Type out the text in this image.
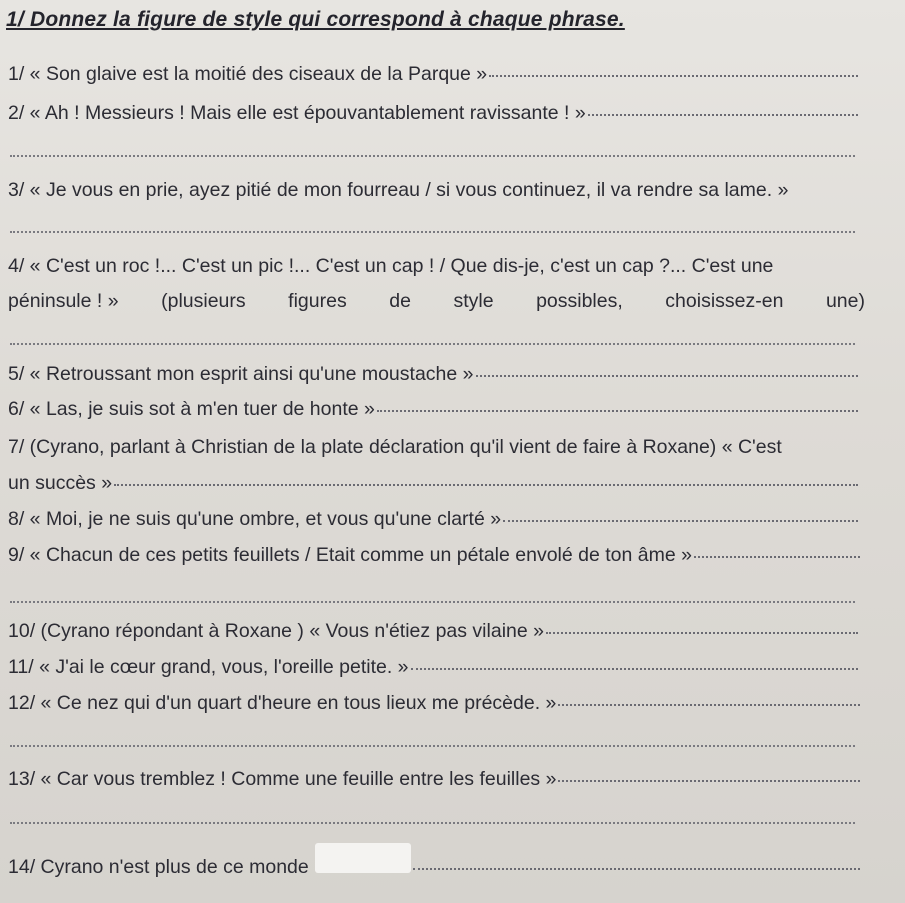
1/ Donnez la figure de style qui correspond à chaque phrase.
1/ « Son glaive est la moitié des ciseaux de la Parque »
2/ « Ah ! Messieurs ! Mais elle est épouvantablement ravissante ! »
3/ « Je vous en prie, ayez pitié de mon fourreau / si vous continuez, il va rendre sa lame. »
4/ « C'est un roc !... C'est un pic !... C'est un cap ! / Que dis-je, c'est un cap ?... C'est une
péninsule ! » (plusieurs figures de style possibles, choisissez-en une)
5/ « Retroussant mon esprit ainsi qu'une moustache »
6/ « Las, je suis sot à m'en tuer de honte »
7/ (Cyrano, parlant à Christian de la plate déclaration qu'il vient de faire à Roxane) « C'est
un succès »
8/ « Moi, je ne suis qu'une ombre, et vous qu'une clarté »
9/ « Chacun de ces petits feuillets / Etait comme un pétale envolé de ton âme »
10/ (Cyrano répondant à Roxane ) « Vous n'étiez pas vilaine »
11/ « J'ai le cœur grand, vous, l'oreille petite. »
12/ « Ce nez qui d'un quart d'heure en tous lieux me précède. »
13/ « Car vous tremblez ! Comme une feuille entre les feuilles »
14/ Cyrano n'est plus de ce monde
